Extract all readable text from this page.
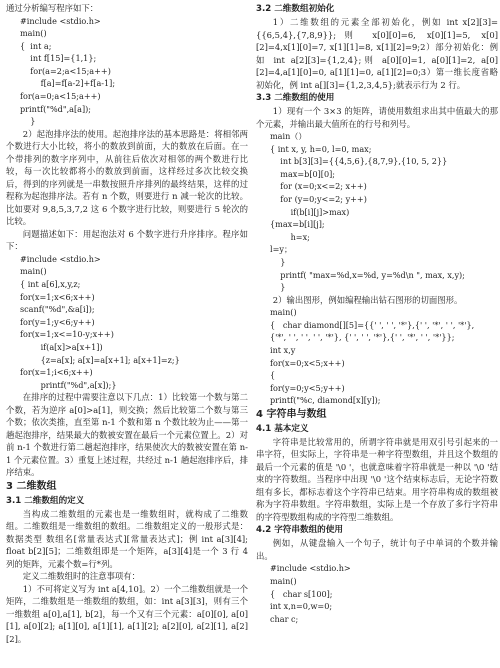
通过分析编写程序如下：
#include <stdio.h>
main()
{  int a;
int f[15]={1,1};
for(a=2;a<15;a++)
f[a]=f[a-2]+f[a-1];
for(a=0;a<15;a++)
printf("%d",a[a]);
}
2）起泡排序法的使用。起泡排序法的基本思路是：将相邻两个数进行大小比较，将小的数放到前面，大的数放在后面。在一个带排列的数字序列中，从前往后依次对相邻的两个数进行比较，每一次比较都将小的数放到前面，这样经过多次比较交换后，得到的序列就是一串数按照升序排列的最终结果，这样的过程称为起泡排序法。若有 n 个数，则要进行 n 减一轮次的比较。比如要对 9,8,5,3,7,2 这 6 个数字进行比较，则要进行 5 轮次的比较。
问题描述如下：用起泡法对 6 个数字进行升序排序。程序如下：
#include <stdio.h>
main()
{ int a[6],x,y,z;
for(x=1;x<6;x++)
scanf("%d",&a[i]);
for(y=1;y<6;y++)
for(x=1;x<=10-y;x++)
if(a[x]>a[x+1])
{z=a[x]; a[x]=a[x+1]; a[x+1]=z;}
for(x=1;i<6;x++)
printf("%d",a[x]);}
在排序的过程中需要注意以下几点：1）比较第一个数与第二个数，若为逆序 a[0]>a[1]，则交换；然后比较第二个数与第三个数；依次类推，直至第 n-1 个数和第 n 个数比较为止——第一趟起泡排序，结果最大的数被安置在最后一个元素位置上。2）对前 n-1 个数进行第二趟起泡排序，结果使次大的数被安置在第 n-1 个元素位置。3）重复上述过程，共经过 n-1 趟起泡排序后，排序结束。
3 二维数组
3.1 二维数组的定义
当构成二维数组的元素也是一维数组时，就构成了二维数组。二维数组是一维数组的数组。二维数组定义的一般形式是：数据类型 数组名[常量表达式][常量表达式]；例 int a[3][4]; float b[2][5]；二维数组即是一个矩阵，a[3][4]是一个 3 行 4 列的矩阵，元素个数=行*列。
定义二维数组时的注意事项有：
1）不可将定义写为 int a[4,10]。2）一个二维数组就是一个矩阵，二维数组是一维数组的数组，如：int a[3][3]，则有三个一维数组 a[0],a[1], b[2]，每一个又有三个元素：a[0][0], a[0][1], a[0][2]; a[1][0], a[1][1], a[1][2]; a[2][0], a[2][1], a[2][2]。
3.2 二维数组初始化
1）二维数组的元素全部初始化，例如 int x[2][3]={{6,5,4},{7,8,9}};则 x[0][0]=6, x[0][1]=5, x[0][2]=4,x[1][0]=7, x[1][1]=8, x[1][2]=9;2）部分初始化：例如 int a[2][3]={1,2,4};则 a[0][0]=1, a[0][1]=2, a[0][2]=4,a[1][0]=0, a[1][1]=0, a[1][2]=0;3）第一维长度省略初始化，例 int a[][3]={1,2,3,4,5};就表示行为 2 行。
3.3 二维数组的使用
1）现有一个 3×3 的矩阵，请使用数组求出其中值最大的那个元素，并输出最大值所在的行号和列号。
main（）
{ int x, y, h=0, l=0, max;
int b[3][3]={{4,5,6},{8,7,9},{10, 5, 2}}
max=b[0][0];
for (x=0;x<=2; x++)
for (y=0;y<=2; y++)
if(b[i][j]>max)
{max=b[i][j];
h=x;
l=y；
}
printf( "max=%d,x=%d, y=%d\n ", max, x,y);
}
2）输出图形，例如编程输出钻石图形的切面图形。
main()
{   char diamond[][5]={{' ', ' ', '*'},{' ', '*', ' ', '*'},
{'*', ' ', ' ', ' ', '*'}, {' ', ' ', '*'},{' ', '*', ' ', '*'}};
int x,y
for(x=0;x<5;x++)
{
for(y=0;y<5;y++)
printf("%c, diamond[x][y]);
4 字符串与数组
4.1 基本定义
字符串是比较常用的，所谓字符串就是用双引号引起来的一串字符，但实际上，字符串是一种字符型数组，并且这个数组的最后一个元素的值是 '\0 '，也就意味着字符串就是一种以 '\0 '结束的字符数组。当程序中出现 '\0 '这个结束标志后，无论字符数组有多长，都标志着这个字符串已结束。用字符串构成的数组被称为字符串数组。字符串数组，实际上是一个存放了多行字符串的字符型数组构成的字符型二维数组。
4.2 字符串数组的使用
例如，从键盘输入一个句子，统计句子中单词的个数并输出。
#include <stdio.h>
main()
{   char s[100];
int x,n=0,w=0;
char c;
